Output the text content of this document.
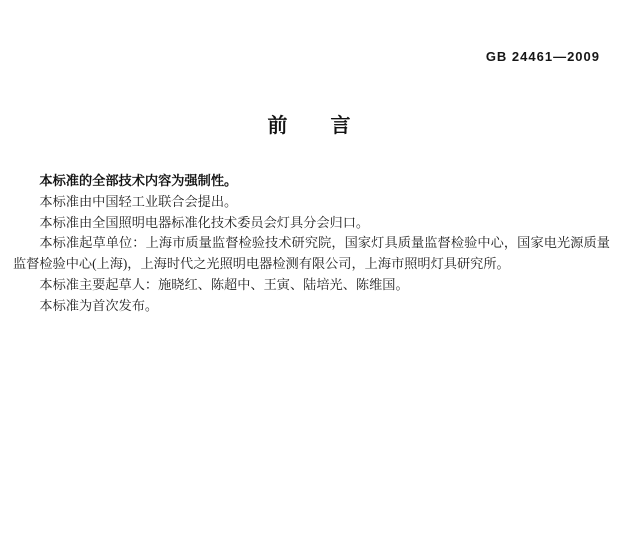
GB 24461—2009
前　　言

本标准的全部技术内容为强制性。

本标准由中国轻工业联合会提出。

本标准由全国照明电器标准化技术委员会灯具分会归口。

本标准起草单位：上海市质量监督检验技术研究院，国家灯具质量监督检验中心，国家电光源质量监督检验中心(上海)，上海时代之光照明电器检测有限公司，上海市照明灯具研究所。

本标准主要起草人：施晓红、陈超中、王寅、陆培光、陈维国。

本标准为首次发布。
